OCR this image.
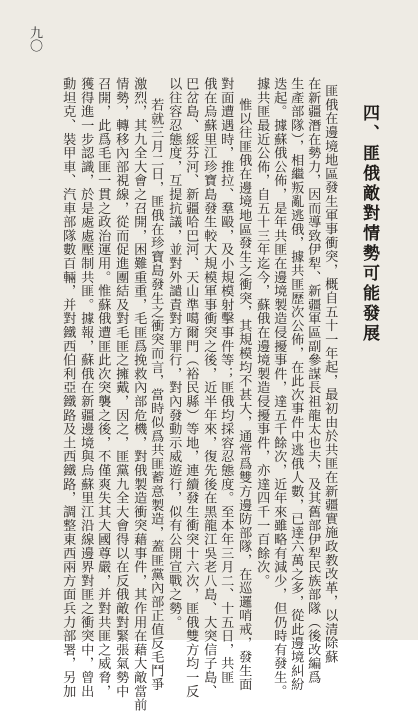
九〇
四、匪俄敵對情勢可能發展
匪俄在邊境地區發生軍事衝突，概自五十一年起，最初由於共匪在新疆實施政教改革，以清除蘇
在新疆潛在勢力，因而導致伊犁、新疆軍區副參謀長祖龍太也夫，及其舊部伊犁民族部隊（後改編爲
生產部隊），相繼叛亂逃俄，據共匪歷次公佈，在此次事件中逃俄人數，已達六萬之多，從此邊境糾紛
迭起。據蘇俄公佈，是年共匪在邊境製造侵擾事件，達五千餘次，近年來雖略有減少，但仍時有發生。
據共匪最近公佈，自五十三年迄今，蘇俄在邊境製造侵擾事件，亦達四千一百餘次。
惟以往匪俄在邊境地區發生之衝突，其規模均不甚大，通常爲雙方邊防部隊，在巡邏哨戒，發生面
對面遭遇時，推拉、羣毆，及小規模射擊事件等；匪俄均採容忍態度。至本年三月二、十五日，共匪
俄在烏蘇里江珍寶島發生較大規模軍事衝突之後，近半年來，復先後在黑龍江吳老八島、大突信子島、
巴岔島、綏芬河、新疆哈巴河、天山準噶爾門（裕民縣）等地，連續發生衝突十六次，匪俄雙方均一反
以往容忍態度，互提抗議，並對外譴責對方罪行，對內發動示威遊行，似有公開宣戰之勢。
若就三月二日，匪俄在珍寶島發生之衝突而言，當時似爲共匪蓄意製造，蓋匪黨內部正值反毛鬥爭
激烈，其九全大會之召開，困難重重，毛匪爲挽救內部危機，對俄製造衝突藉事件，其作用在藉大敵當前
情勢，轉移內部視線，從而促進團結及對毛匪之擁戴，因之，匪黨九全大會得以在反俄敵對緊張氣勢中
召開，此爲毛匪一貫之政治運用。惟蘇俄遭匪此次突襲之後，不僅爽失其大國尊嚴，并對共匪之威脅，
獲得進一步認識，於是處處壓制共匪。據報，蘇俄在新疆邊境與烏蘇里江沿線邊界對匪之衝突中，曾出
動坦克、裝甲車、汽車部隊數百輛，并對鐵西伯利亞鐵路及土西鐵路，調整東西兩方面兵力部署，另加
